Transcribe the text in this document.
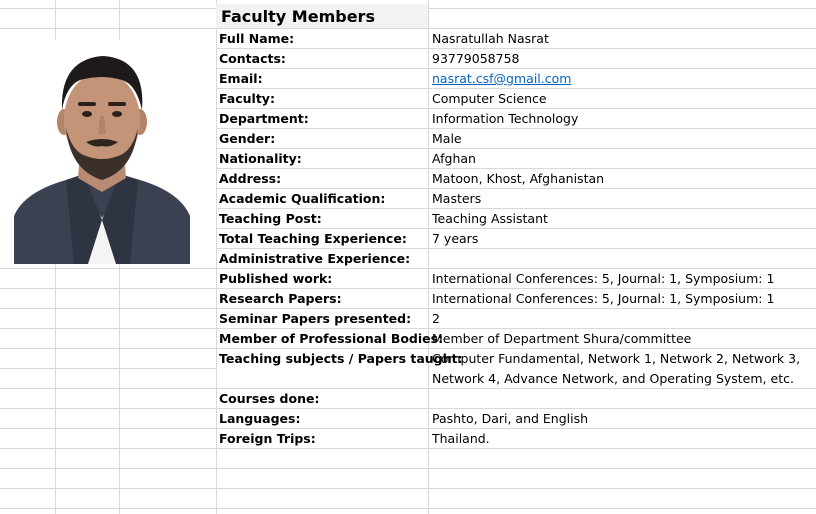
Faculty Members
Full Name:	Nasratullah Nasrat
Contacts:	93779058758
Email:	nasrat.csf@gmail.com
Faculty:	Computer Science
Department:	Information Technology
Gender:	Male
Nationality:	Afghan
Address:	Matoon, Khost, Afghanistan
Academic Qualification:	Masters
Teaching Post:	Teaching Assistant
Total Teaching Experience: 7 years
Administrative Experience:
Published work:	International Conferences: 5, Journal: 1, Symposium: 1
Research Papers:	International Conferences: 5, Journal: 1, Symposium: 1
Seminar Papers presented: 2
Member of Professional Bodies:
Member of Department Shura/committee
Teaching subjects / Papers taught:
Computer Fundamental, Network 1, Network 2, Network 3,
Network 4, Advance Network, and Operating System, etc.
Courses done:
Languages:	Pashto, Dari, and English
Foreign Trips:	Thailand.
